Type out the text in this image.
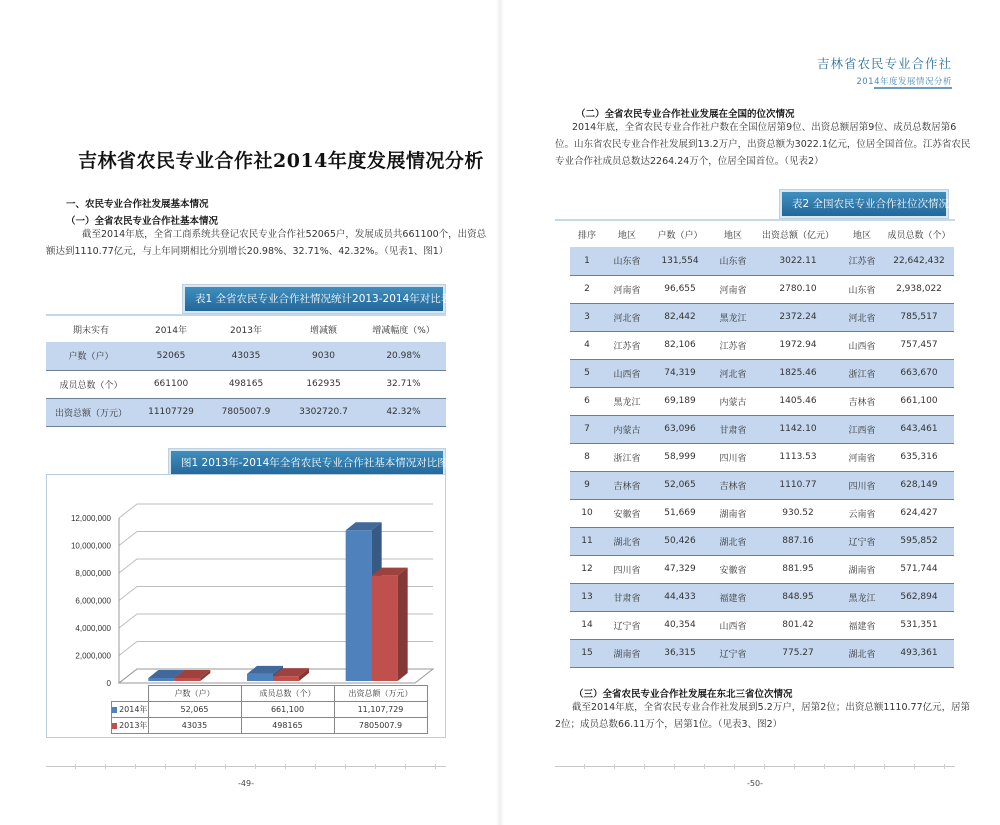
吉林省农民专业合作社2014年度发展情况分析
一、农民专业合作社发展基本情况
（一）全省农民专业合作社基本情况
截至2014年底，全省工商系统共登记农民专业合作社52065户，发展成员共661100个，出资总
额达到1110.77亿元，与上年同期相比分别增长20.98%、32.71%、42.32%。（见表1、图1）
表1 全省农民专业合作社情况统计2013-2014年对比表
期末实有	2014年	2013年	增减额	增减幅度（%）
户数（户）	52065	43035	9030	20.98%
成员总数（个）	661100	498165	162935	32.71%
出资总额（万元）	11107729	7805007.9	3302720.7	42.32%
图1 2013年-2014年全省农民专业合作社基本情况对比图
0
2,000,000
4,000,000
6,000,000
8,000,000
10,000,000
12,000,000
	户数（户）	成员总数（个）	出资总额（万元）
2014年	52,065	661,100	11,107,729
2013年	43035	498165	7805007.9
-49-
吉林省农民专业合作社
2014年度发展情况分析
（二）全省农民专业合作社业发展在全国的位次情况
2014年底，全省农民专业合作社户数在全国位居第9位、出资总额居第9位、成员总数居第6
位。山东省农民专业合作社发展到13.2万户，出资总额为3022.1亿元，位居全国首位。江苏省农民
专业合作社成员总数达2264.24万个，位居全国首位。（见表2）
表2 全国农民专业合作社位次情况
排序	地区	户数（户）	地区	出资总额（亿元）	地区	成员总数（个）
1	山东省	131,554	山东省	3022.11	江苏省	22,642,432
2	河南省	96,655	河南省	2780.10	山东省	2,938,022
3	河北省	82,442	黑龙江	2372.24	河北省	785,517
4	江苏省	82,106	江苏省	1972.94	山西省	757,457
5	山西省	74,319	河北省	1825.46	浙江省	663,670
6	黑龙江	69,189	内蒙古	1405.46	吉林省	661,100
7	内蒙古	63,096	甘肃省	1142.10	江西省	643,461
8	浙江省	58,999	四川省	1113.53	河南省	635,316
9	吉林省	52,065	吉林省	1110.77	四川省	628,149
10	安徽省	51,669	湖南省	930.52	云南省	624,427
11	湖北省	50,426	湖北省	887.16	辽宁省	595,852
12	四川省	47,329	安徽省	881.95	湖南省	571,744
13	甘肃省	44,433	福建省	848.95	黑龙江	562,894
14	辽宁省	40,354	山西省	801.42	福建省	531,351
15	湖南省	36,315	辽宁省	775.27	湖北省	493,361
（三）全省农民专业合作社发展在东北三省位次情况
截至2014年底，全省农民专业合作社发展到5.2万户，居第2位；出资总额1110.77亿元，居第
2位；成员总数66.11万个，居第1位。（见表3、图2）
-50-
